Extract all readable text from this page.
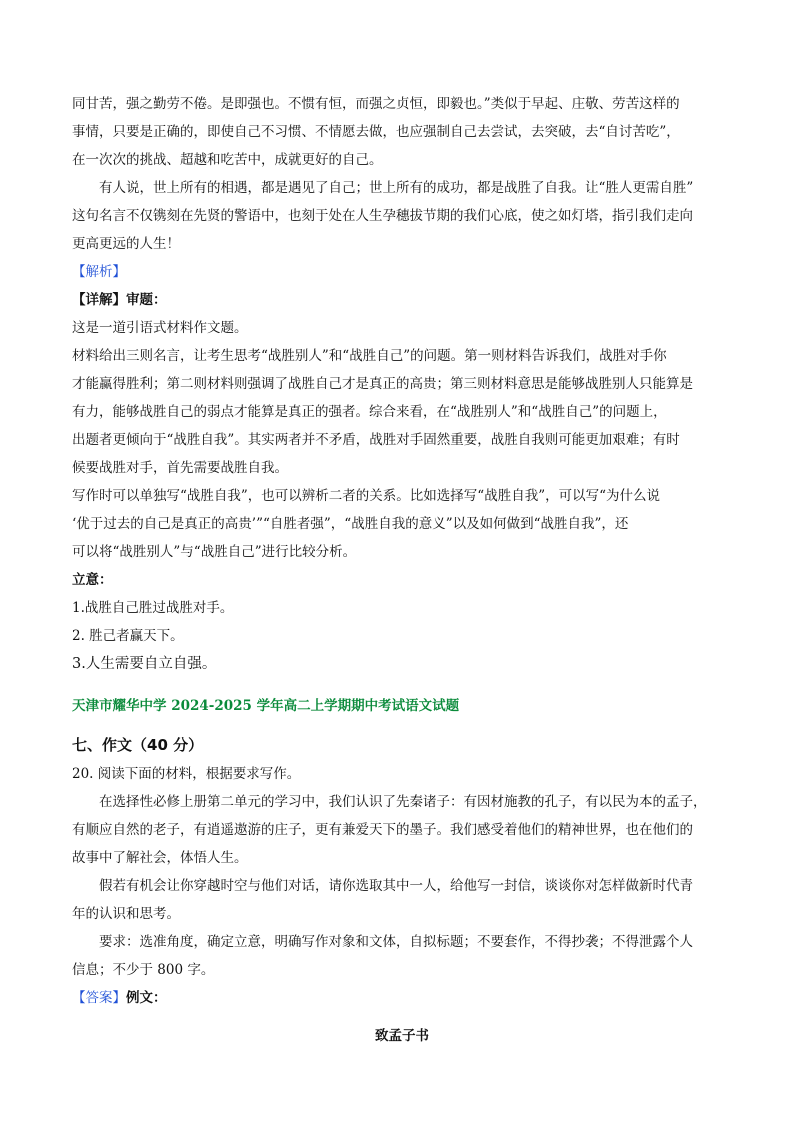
同甘苦，强之勤劳不倦。是即强也。不惯有恒，而强之贞恒，即毅也。”类似于早起、庄敬、劳苦这样的

事情，只要是正确的，即使自己不习惯、不情愿去做，也应强制自己去尝试，去突破，去“自讨苦吃”，

在一次次的挑战、超越和吃苦中，成就更好的自己。

有人说，世上所有的相遇，都是遇见了自己；世上所有的成功，都是战胜了自我。让“胜人更需自胜”

这句名言不仅镌刻在先贤的警语中，也刻于处在人生孕穗拔节期的我们心底，使之如灯塔，指引我们走向

更高更远的人生！

【解析】

【详解】审题：

这是一道引语式材料作文题。

材料给出三则名言，让考生思考“战胜别人”和“战胜自己”的问题。第一则材料告诉我们，战胜对手你

才能赢得胜利；第二则材料则强调了战胜自己才是真正的高贵；第三则材料意思是能够战胜别人只能算是

有力，能够战胜自己的弱点才能算是真正的强者。综合来看，在“战胜别人”和“战胜自己”的问题上，

出题者更倾向于“战胜自我”。其实两者并不矛盾，战胜对手固然重要，战胜自我则可能更加艰难；有时

候要战胜对手，首先需要战胜自我。

写作时可以单独写“战胜自我”，也可以辨析二者的关系。比如选择写“战胜自我”，可以写“为什么说

‘优于过去的自己是真正的高贵’”“自胜者强”，“战胜自我的意义”以及如何做到“战胜自我”，还

可以将“战胜别人”与“战胜自己”进行比较分析。

立意：

1.战胜自己胜过战胜对手。

2. 胜己者赢天下。

3.人生需要自立自强。

天津市耀华中学 2024-2025 学年高二上学期期中考试语文试题

七、作文（40 分）

20. 阅读下面的材料，根据要求写作。

在选择性必修上册第二单元的学习中，我们认识了先秦诸子：有因材施教的孔子，有以民为本的孟子，

有顺应自然的老子，有逍遥遨游的庄子，更有兼爱天下的墨子。我们感受着他们的精神世界，也在他们的

故事中了解社会，体悟人生。

假若有机会让你穿越时空与他们对话，请你选取其中一人，给他写一封信，谈谈你对怎样做新时代青

年的认识和思考。

要求：选准角度，确定立意，明确写作对象和文体，自拟标题；不要套作，不得抄袭；不得泄露个人

信息；不少于 800 字。

【答案】例文：

致孟子书
